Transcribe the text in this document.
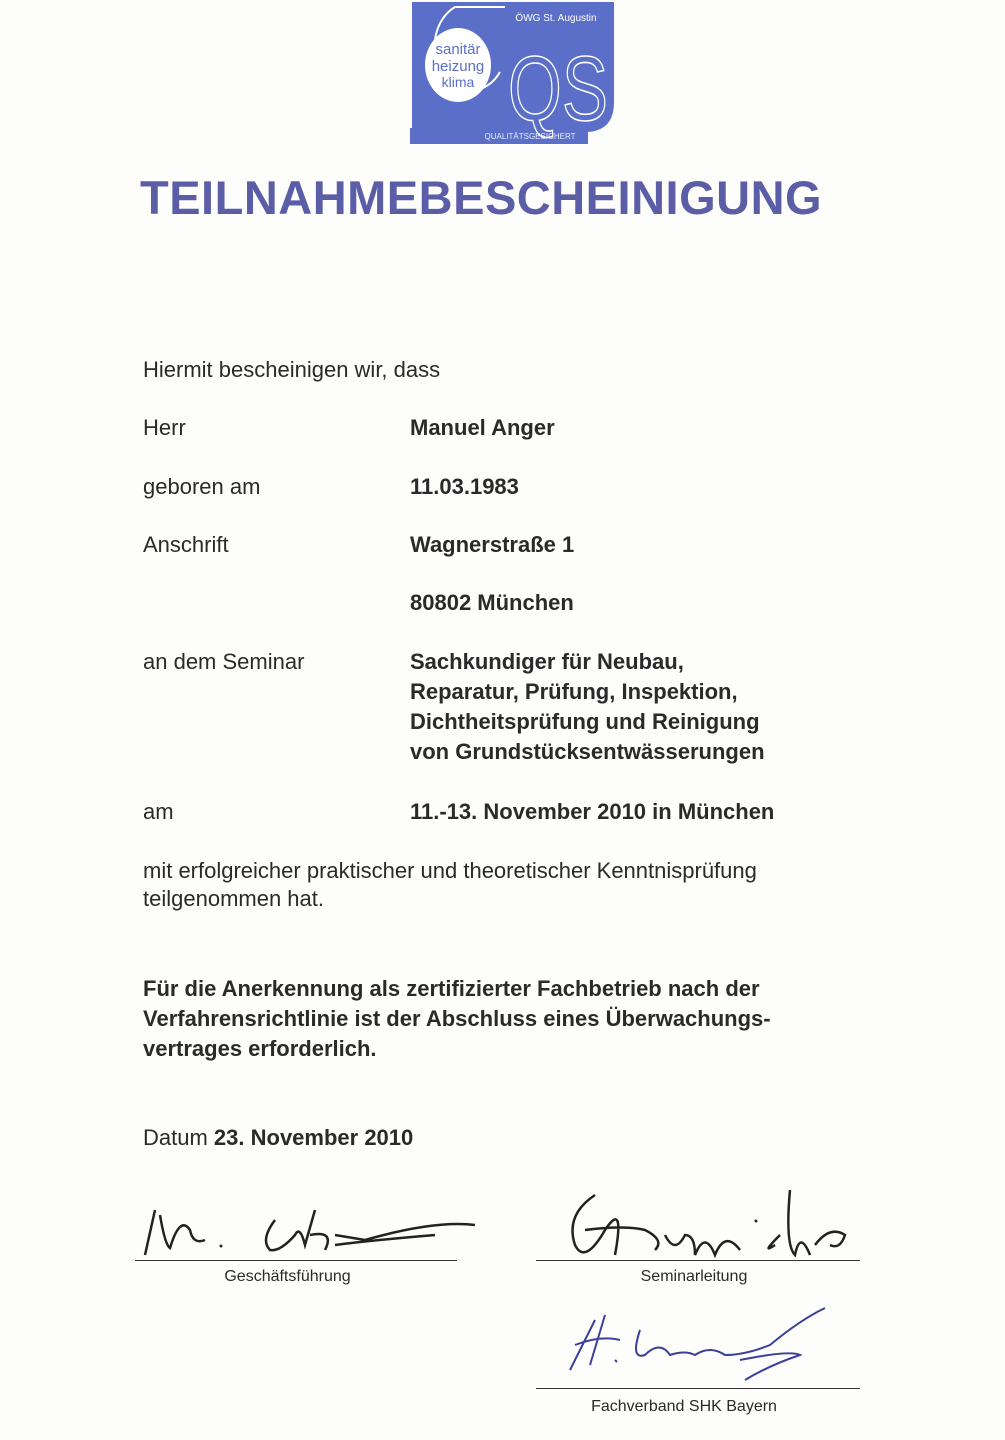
QUALITÄTSGESICHERT
ÖWG St. Augustin
sanitär
heizung
klima QS
TEILNAHMEBESCHEINIGUNG
Hiermit bescheinigen wir, dass
Herr	Manuel Anger
geboren am	11.03.1983
Anschrift	Wagnerstraße 1
80802 München
an dem Seminar	Sachkundiger für Neubau,
Reparatur, Prüfung, Inspektion,
Dichtheitsprüfung und Reinigung
von Grundstücksentwässerungen
am	11.-13. November 2010 in München
mit erfolgreicher praktischer und theoretischer Kenntnisprüfung
teilgenommen hat.
Für die Anerkennung als zertifizierter Fachbetrieb nach der
Verfahrensrichtlinie ist der Abschluss eines Überwachungs-
vertrages erforderlich.
Datum 23. November 2010
Geschäftsführung	Seminarleitung
Fachverband SHK Bayern
